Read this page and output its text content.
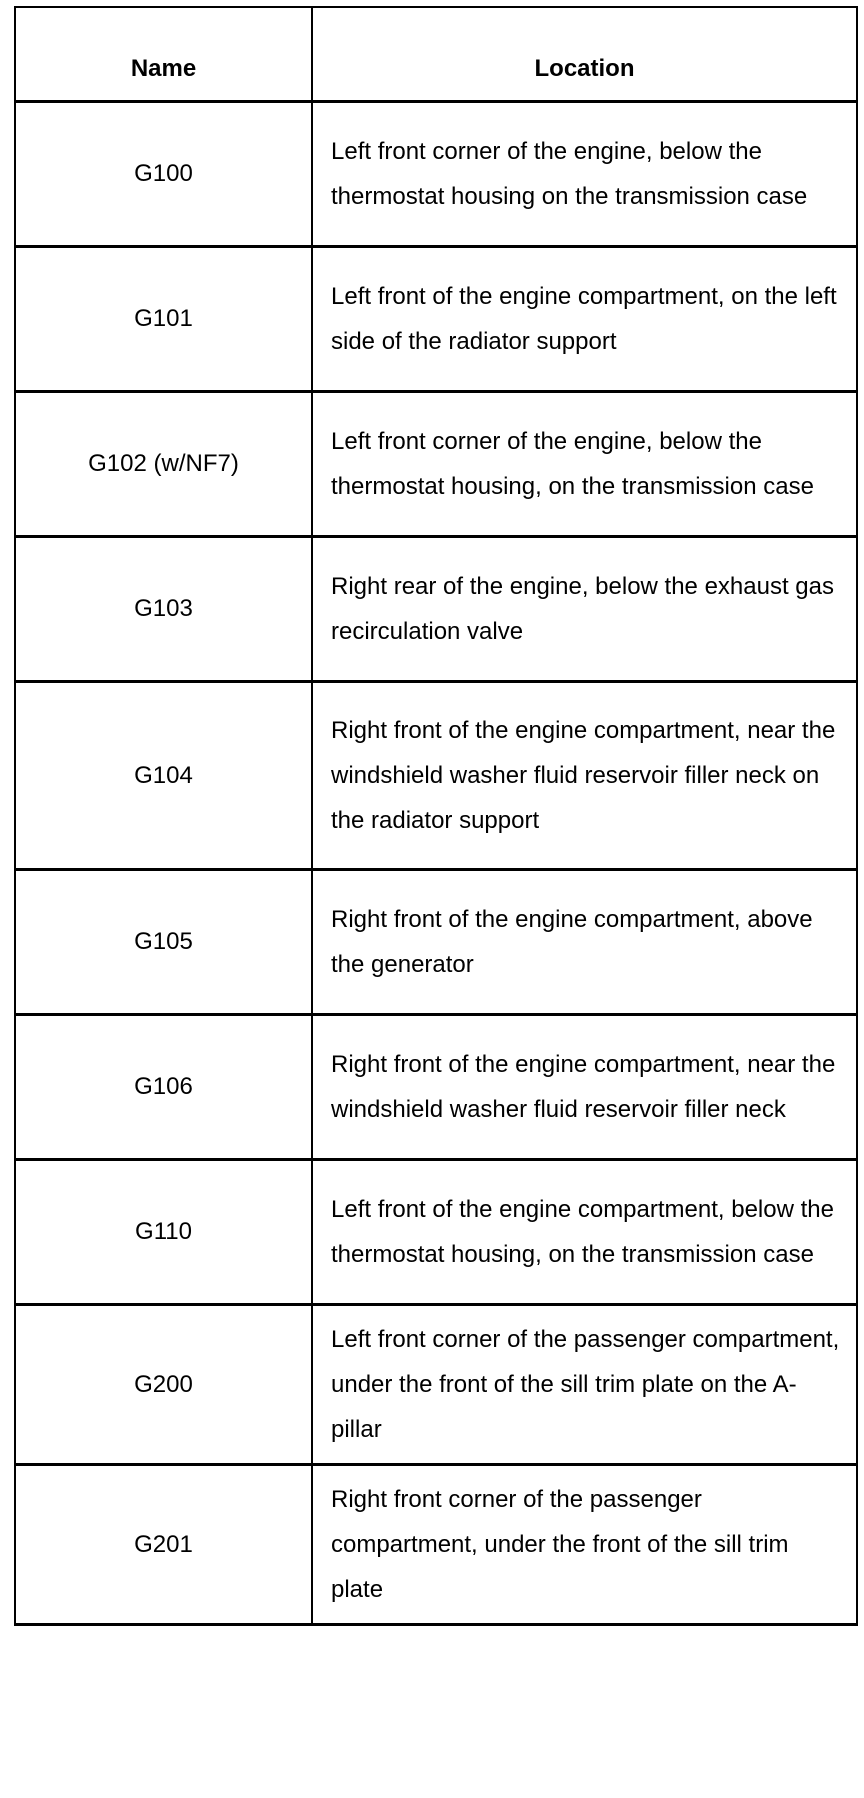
Name	Location
G100	Left front corner of the engine, below the thermostat housing on the transmission case
G101	Left front of the engine compartment, on the left side of the radiator support
G102 (w/NF7)	Left front corner of the engine, below the thermostat housing, on the transmission case
G103	Right rear of the engine, below the exhaust gas recirculation valve
G104	Right front of the engine compartment, near the windshield washer fluid reservoir filler neck on the radiator support
G105	Right front of the engine compartment, above the generator
G106	Right front of the engine compartment, near the windshield washer fluid reservoir filler neck
G110	Left front of the engine compartment, below the thermostat housing, on the transmission case
G200	Left front corner of the passenger compartment, under the front of the sill trim plate on the A-pillar
G201	Right front corner of the passenger compartment, under the front of the sill trim plate
